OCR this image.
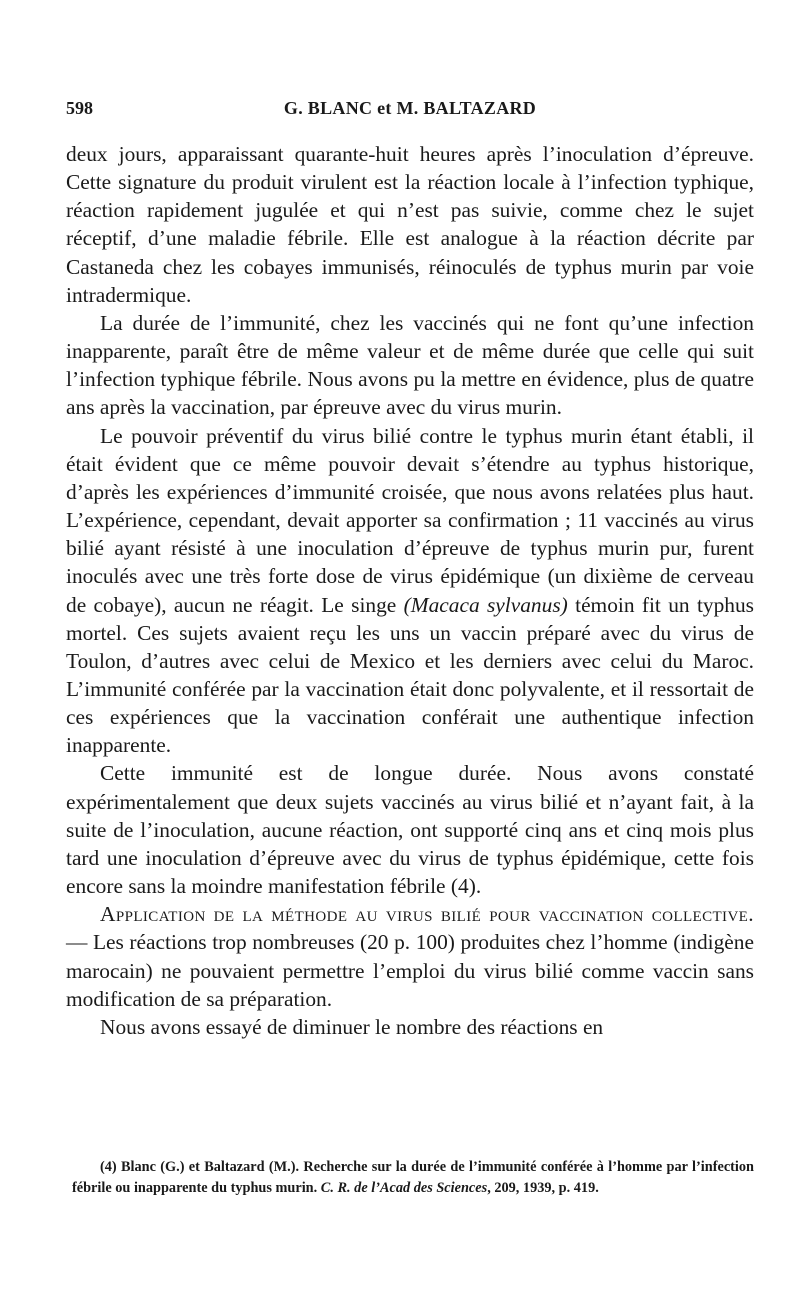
598	G. BLANC et M. BALTAZARD

deux jours, apparaissant quarante-huit heures après l’inoculation d’épreuve. Cette signature du produit virulent est la réaction locale à l’infection typhique, réaction rapidement jugulée et qui n’est pas suivie, comme chez le sujet réceptif, d’une maladie fébrile. Elle est analogue à la réaction décrite par Castaneda chez les cobayes immunisés, réinoculés de typhus murin par voie intradermique.

La durée de l’immunité, chez les vaccinés qui ne font qu’une infection inapparente, paraît être de même valeur et de même durée que celle qui suit l’infection typhique fébrile. Nous avons pu la mettre en évidence, plus de quatre ans après la vaccination, par épreuve avec du virus murin.

Le pouvoir préventif du virus bilié contre le typhus murin étant établi, il était évident que ce même pouvoir devait s’étendre au typhus historique, d’après les expériences d’immunité croisée, que nous avons relatées plus haut. L’expérience, cependant, devait apporter sa confirmation ; 11 vaccinés au virus bilié ayant résisté à une inoculation d’épreuve de typhus murin pur, furent inoculés avec une très forte dose de virus épidémique (un dixième de cerveau de cobaye), aucun ne réagit. Le singe (Macaca sylvanus) témoin fit un typhus mortel. Ces sujets avaient reçu les uns un vaccin préparé avec du virus de Toulon, d’autres avec celui de Mexico et les derniers avec celui du Maroc. L’immunité conférée par la vaccination était donc polyvalente, et il ressortait de ces expériences que la vaccination conférait une authentique infection inapparente.

Cette immunité est de longue durée. Nous avons constaté expérimentalement que deux sujets vaccinés au virus bilié et n’ayant fait, à la suite de l’inoculation, aucune réaction, ont supporté cinq ans et cinq mois plus tard une inoculation d’épreuve avec du virus de typhus épidémique, cette fois encore sans la moindre manifestation fébrile (4).

Application de la méthode au virus bilié pour vaccination collective. — Les réactions trop nombreuses (20 p. 100) produites chez l’homme (indigène marocain) ne pouvaient permettre l’emploi du virus bilié comme vaccin sans modification de sa préparation.

Nous avons essayé de diminuer le nombre des réactions en

(4) Blanc (G.) et Baltazard (M.). Recherche sur la durée de l’immunité conférée à l’homme par l’infection fébrile ou inapparente du typhus murin. C. R. de l’Acad des Sciences, 209, 1939, p. 419.
